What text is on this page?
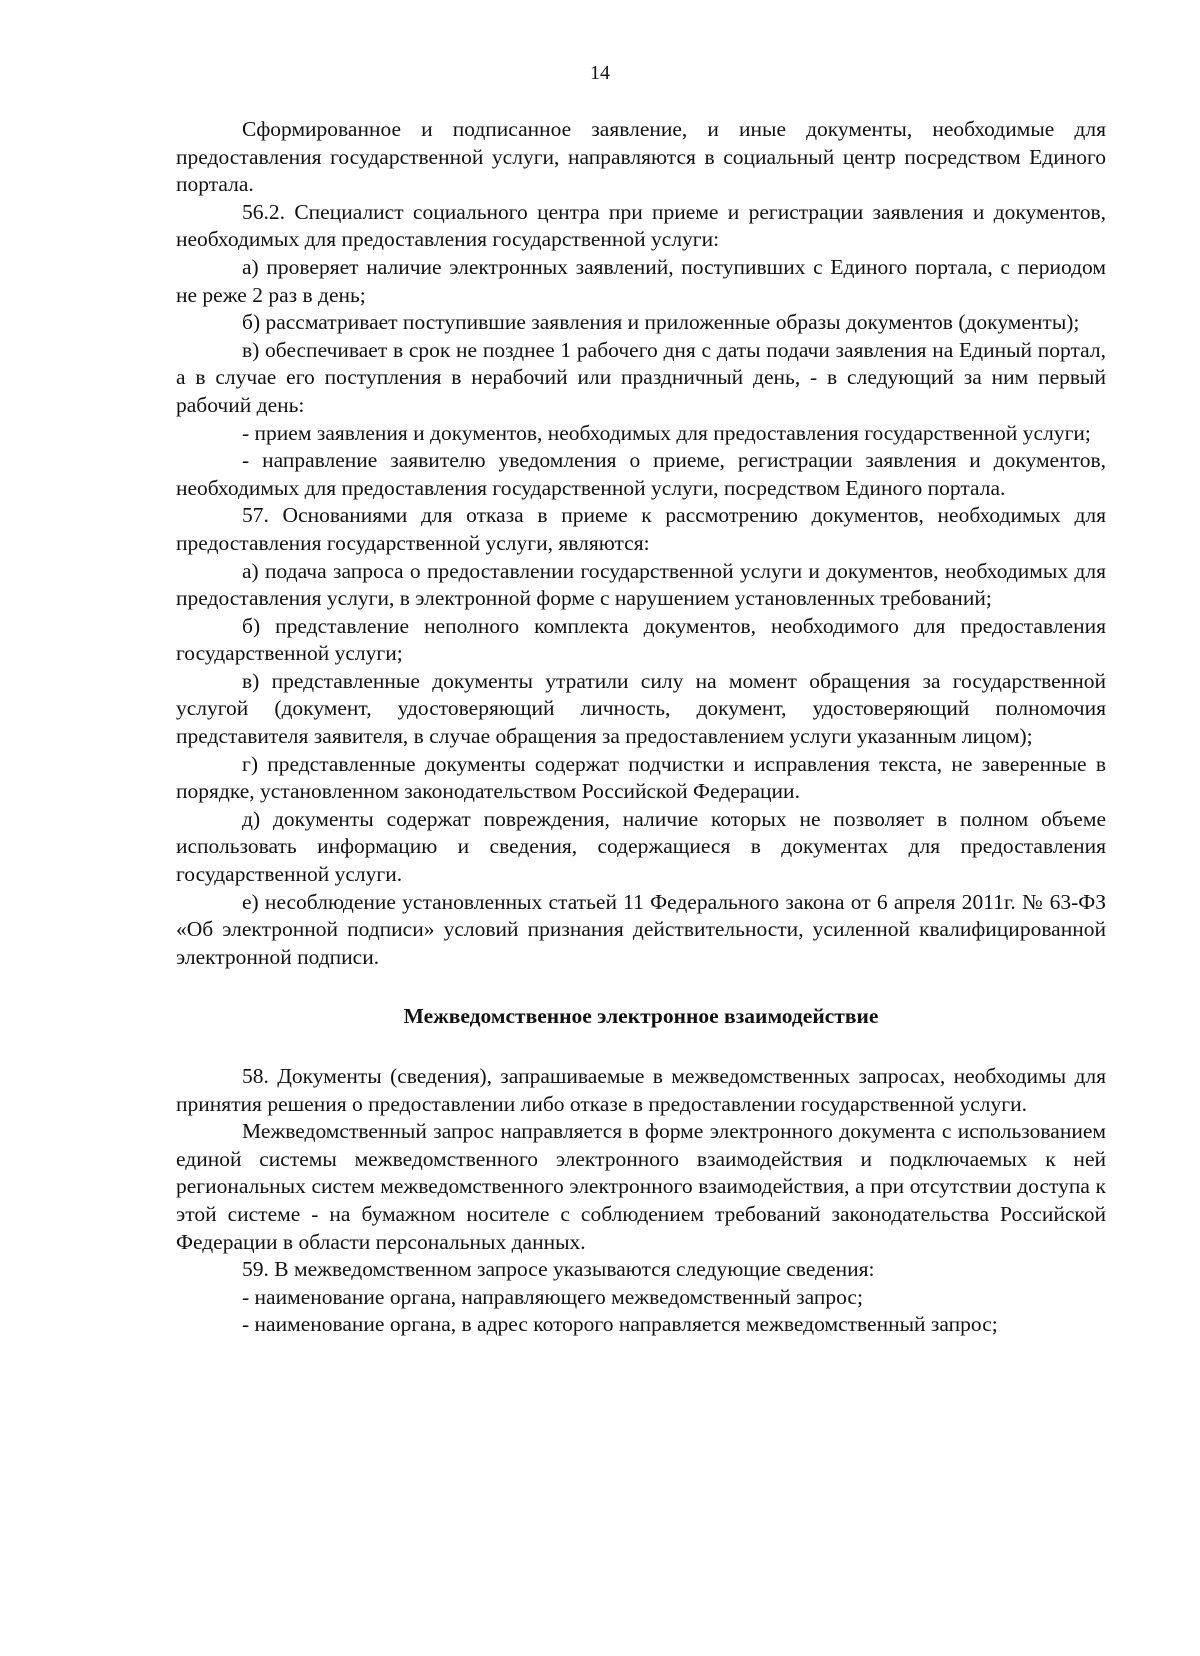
14

Сформированное и подписанное заявление, и иные документы, необходимые для предоставления государственной услуги, направляются в социальный центр посредством Единого портала.

56.2. Специалист социального центра при приеме и регистрации заявления и документов, необходимых для предоставления государственной услуги:

а) проверяет наличие электронных заявлений, поступивших с Единого портала, с периодом не реже 2 раз в день;

б) рассматривает поступившие заявления и приложенные образы документов (документы);

в) обеспечивает в срок не позднее 1 рабочего дня с даты подачи заявления на Единый портал, а в случае его поступления в нерабочий или праздничный день, - в следующий за ним первый рабочий день:

- прием заявления и документов, необходимых для предоставления государственной услуги;

- направление заявителю уведомления о приеме, регистрации заявления и документов, необходимых для предоставления государственной услуги, посредством Единого портала.

57. Основаниями для отказа в приеме к рассмотрению документов, необходимых для предоставления государственной услуги, являются:

а) подача запроса о предоставлении государственной услуги и документов, необходимых для предоставления услуги, в электронной форме с нарушением установленных требований;

б) представление неполного комплекта документов, необходимого для предоставления государственной услуги;

в) представленные документы утратили силу на момент обращения за государственной услугой (документ, удостоверяющий личность, документ, удостоверяющий полномочия представителя заявителя, в случае обращения за предоставлением услуги указанным лицом);

г) представленные документы содержат подчистки и исправления текста, не заверенные в порядке, установленном законодательством Российской Федерации.

д) документы содержат повреждения, наличие которых не позволяет в полном объеме использовать информацию и сведения, содержащиеся в документах для предоставления государственной услуги.

е) несоблюдение установленных статьей 11 Федерального закона от 6 апреля 2011г. № 63-ФЗ «Об электронной подписи» условий признания действительности, усиленной квалифицированной электронной подписи.

Межведомственное электронное взаимодействие

58. Документы (сведения), запрашиваемые в межведомственных запросах, необходимы для принятия решения о предоставлении либо отказе в предоставлении государственной услуги.

Межведомственный запрос направляется в форме электронного документа с использованием единой системы межведомственного электронного взаимодействия и подключаемых к ней региональных систем межведомственного электронного взаимодействия, а при отсутствии доступа к этой системе - на бумажном носителе с соблюдением требований законодательства Российской Федерации в области персональных данных.

59. В межведомственном запросе указываются следующие сведения:

- наименование органа, направляющего межведомственный запрос;

- наименование органа, в адрес которого направляется межведомственный запрос;
